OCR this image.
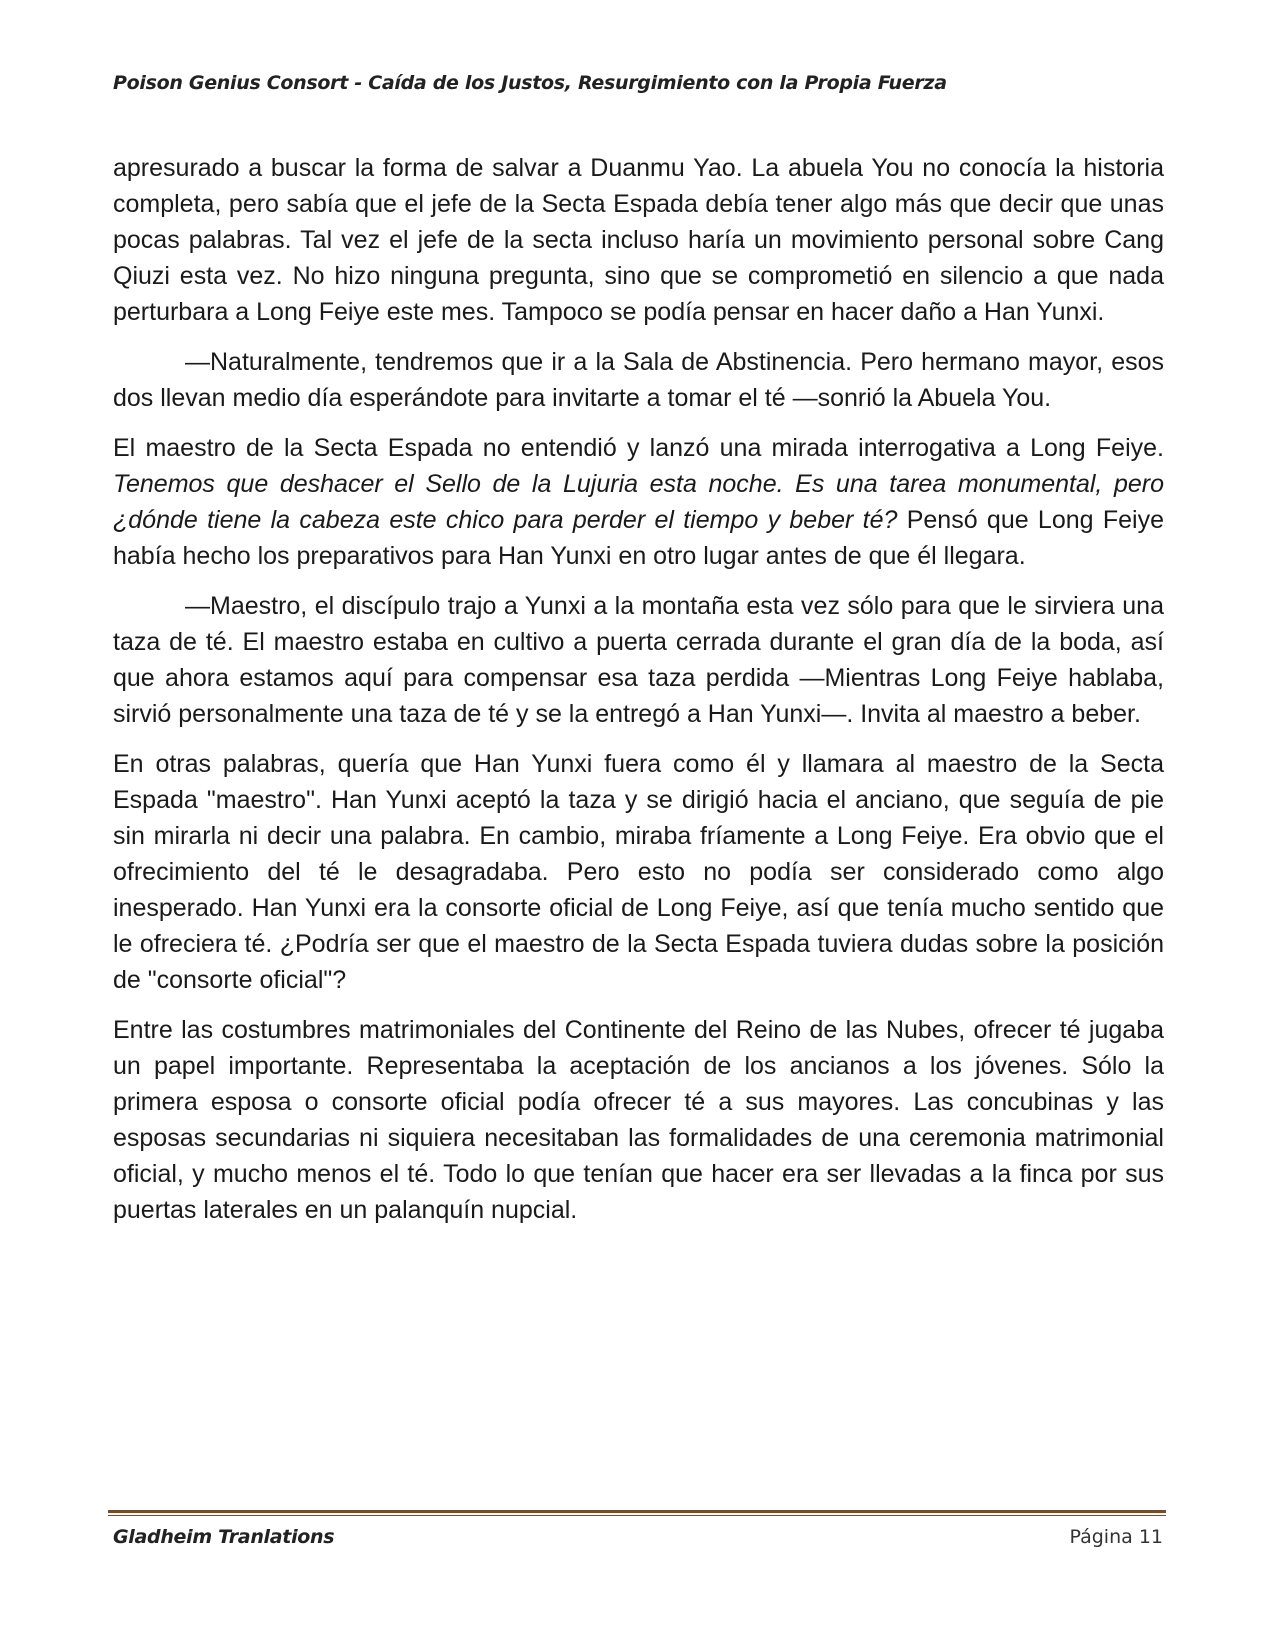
Poison Genius Consort - Caída de los Justos, Resurgimiento con la Propia Fuerza

apresurado a buscar la forma de salvar a Duanmu Yao. La abuela You no conocía la historia completa, pero sabía que el jefe de la Secta Espada debía tener algo más que decir que unas pocas palabras. Tal vez el jefe de la secta incluso haría un movimiento personal sobre Cang Qiuzi esta vez. No hizo ninguna pregunta, sino que se comprometió en silencio a que nada perturbara a Long Feiye este mes. Tampoco se podía pensar en hacer daño a Han Yunxi.

—Naturalmente, tendremos que ir a la Sala de Abstinencia. Pero hermano mayor, esos dos llevan medio día esperándote para invitarte a tomar el té —sonrió la Abuela You.

El maestro de la Secta Espada no entendió y lanzó una mirada interrogativa a Long Feiye. Tenemos que deshacer el Sello de la Lujuria esta noche. Es una tarea monumental, pero ¿dónde tiene la cabeza este chico para perder el tiempo y beber té? Pensó que Long Feiye había hecho los preparativos para Han Yunxi en otro lugar antes de que él llegara.

—Maestro, el discípulo trajo a Yunxi a la montaña esta vez sólo para que le sirviera una taza de té. El maestro estaba en cultivo a puerta cerrada durante el gran día de la boda, así que ahora estamos aquí para compensar esa taza perdida —Mientras Long Feiye hablaba, sirvió personalmente una taza de té y se la entregó a Han Yunxi—. Invita al maestro a beber.

En otras palabras, quería que Han Yunxi fuera como él y llamara al maestro de la Secta Espada "maestro". Han Yunxi aceptó la taza y se dirigió hacia el anciano, que seguía de pie sin mirarla ni decir una palabra. En cambio, miraba fríamente a Long Feiye. Era obvio que el ofrecimiento del té le desagradaba. Pero esto no podía ser considerado como algo inesperado. Han Yunxi era la consorte oficial de Long Feiye, así que tenía mucho sentido que le ofreciera té. ¿Podría ser que el maestro de la Secta Espada tuviera dudas sobre la posición de "consorte oficial"?

Entre las costumbres matrimoniales del Continente del Reino de las Nubes, ofrecer té jugaba un papel importante. Representaba la aceptación de los ancianos a los jóvenes. Sólo la primera esposa o consorte oficial podía ofrecer té a sus mayores. Las concubinas y las esposas secundarias ni siquiera necesitaban las formalidades de una ceremonia matrimonial oficial, y mucho menos el té. Todo lo que tenían que hacer era ser llevadas a la finca por sus puertas laterales en un palanquín nupcial.

Gladheim Tranlations	Página 11
